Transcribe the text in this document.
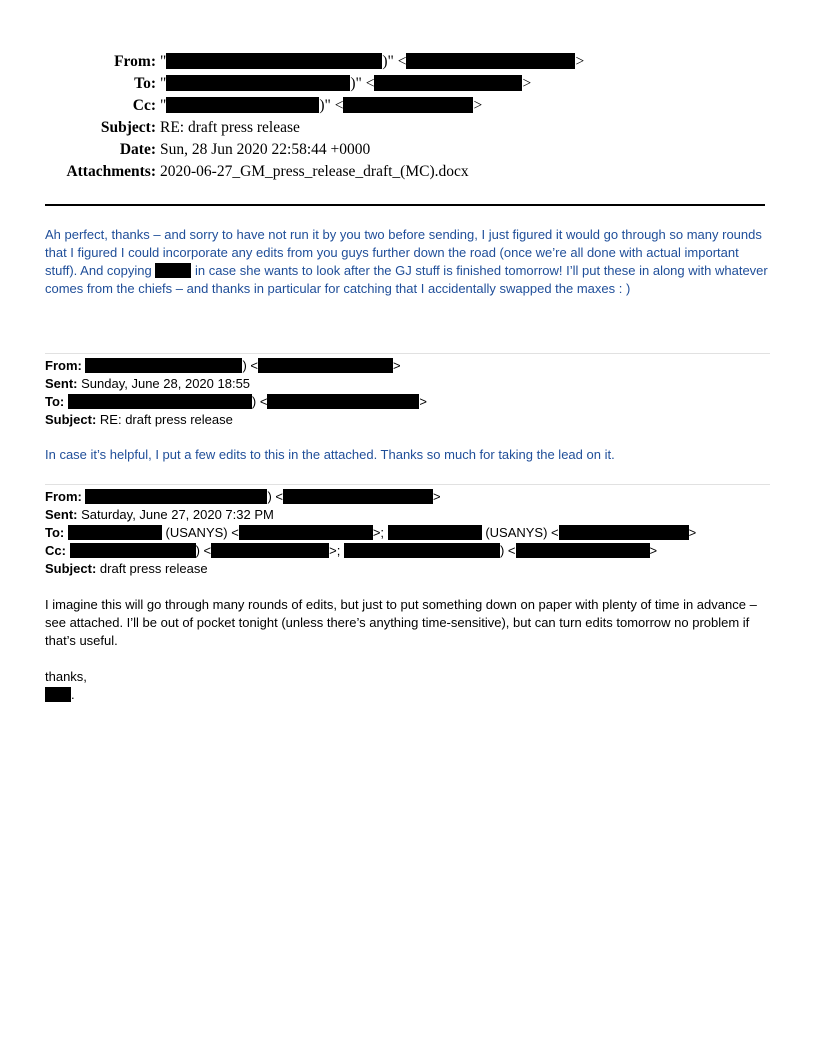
From: "	)" <	>
To: "	)" <	>
Cc: "	)" <	>
Subject: RE: draft press release
Date: Sun, 28 Jun 2020 22:58:44 +0000
Attachments: 2020-06-27_GM_press_release_draft_(MC).docx
Ah perfect, thanks – and sorry to have not run it by you two before sending, I just figured it would go through so many rounds that I figured I could incorporate any edits from you guys further down the road (once we’re all done with actual important stuff). And copying	in case she wants to look after the GJ stuff is finished tomorrow! I’ll put these in along with whatever comes from the chiefs – and thanks in particular for catching that I accidentally swapped the maxes : )
From:	) <	>
Sent: Sunday, June 28, 2020 18:55
To:	) <	>
Subject: RE: draft press release
In case it’s helpful, I put a few edits to this in the attached. Thanks so much for taking the lead on it.
From:	) <	>
Sent: Saturday, June 27, 2020 7:32 PM
To:	(USANYS) <	>;	(USANYS) <	>
Cc:	) <	>;	) <	>
Subject: draft press release
I imagine this will go through many rounds of edits, but just to put something down on paper with plenty of time in advance – see attached. I’ll be out of pocket tonight (unless there’s anything time-sensitive), but can turn edits tomorrow no problem if that’s useful.
thanks,
.
